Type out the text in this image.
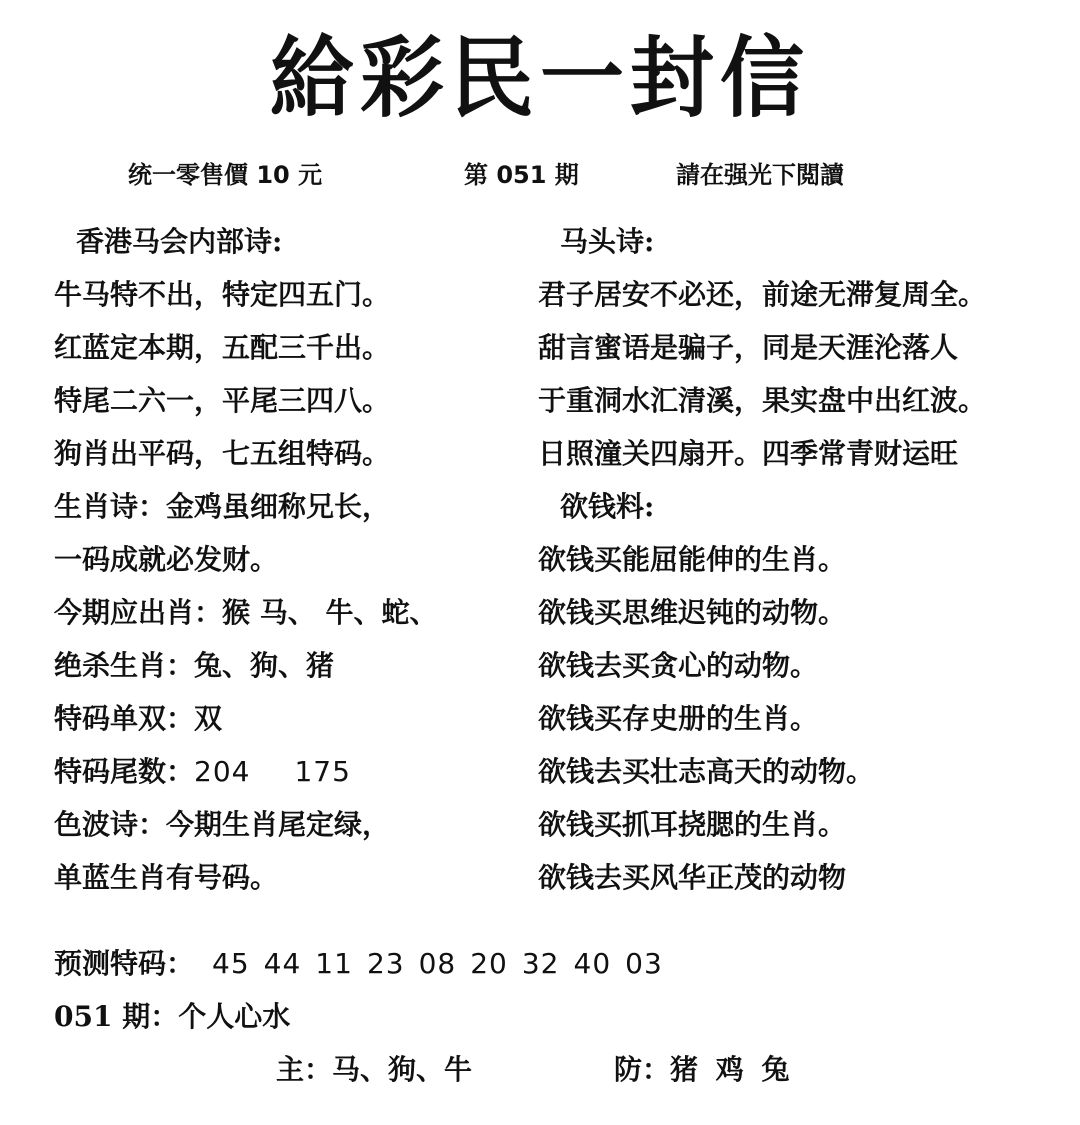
給彩民一封信
统一零售價 10 元	第 051 期	請在强光下閲讀
香港马会内部诗:
牛马特不出，特定四五门。
红蓝定本期，五配三千出。
特尾二六一，平尾三四八。
狗肖出平码，七五组特码。
生肖诗：金鸡虽细称兄长，
一码成就必发财。
今期应出肖：猴 马、 牛、蛇、
绝杀生肖：兔、狗、猪
特码单双：双
特码尾数：204 175
色波诗：今期生肖尾定绿，
单蓝生肖有号码。
马头诗:
君子居安不必还，前途无滞复周全。
甜言蜜语是骗子，同是天涯沦落人
于重洞水汇清溪，果实盘中出红波。
日照潼关四扇开。四季常青财运旺
欲钱料:
欲钱买能屈能伸的生肖。
欲钱买思维迟钝的动物。
欲钱去买贪心的动物。
欲钱买存史册的生肖。
欲钱去买壮志高天的动物。
欲钱买抓耳挠腮的生肖。
欲钱去买风华正茂的动物
预测特码： 45 44 11 23 08 20 32 40 03
051 期：个人心水
主：马、狗、牛	防：猪 鸡 兔
